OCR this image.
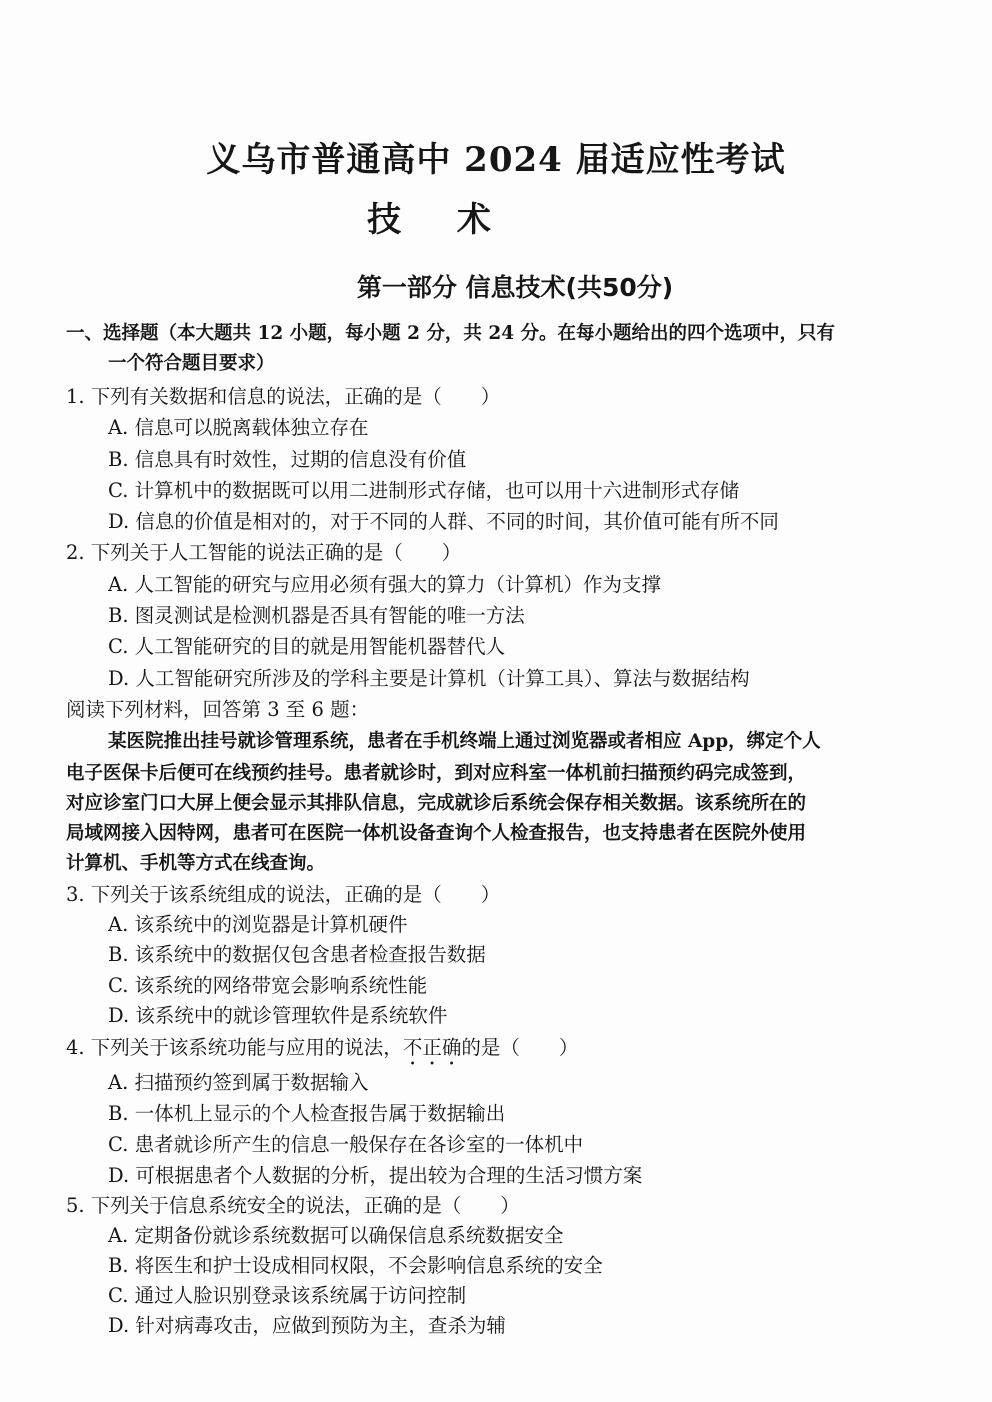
义乌市普通高中 2024 届适应性考试
技 术
第一部分 信息技术(共50分)
一、选择题（本大题共 12 小题，每小题 2 分，共 24 分。在每小题给出的四个选项中，只有
一个符合题目要求）
1. 下列有关数据和信息的说法，正确的是（　　）
A. 信息可以脱离载体独立存在
B. 信息具有时效性，过期的信息没有价值
C. 计算机中的数据既可以用二进制形式存储，也可以用十六进制形式存储
D. 信息的价值是相对的，对于不同的人群、不同的时间，其价值可能有所不同
2. 下列关于人工智能的说法正确的是（　　）
A. 人工智能的研究与应用必须有强大的算力（计算机）作为支撑
B. 图灵测试是检测机器是否具有智能的唯一方法
C. 人工智能研究的目的就是用智能机器替代人
D. 人工智能研究所涉及的学科主要是计算机（计算工具）、算法与数据结构
阅读下列材料，回答第 3 至 6 题：
某医院推出挂号就诊管理系统，患者在手机终端上通过浏览器或者相应 App，绑定个人
电子医保卡后便可在线预约挂号。患者就诊时，到对应科室一体机前扫描预约码完成签到，
对应诊室门口大屏上便会显示其排队信息，完成就诊后系统会保存相关数据。该系统所在的
局域网接入因特网，患者可在医院一体机设备查询个人检查报告，也支持患者在医院外使用
计算机、手机等方式在线查询。
3. 下列关于该系统组成的说法，正确的是（　　）
A. 该系统中的浏览器是计算机硬件
B. 该系统中的数据仅包含患者检查报告数据
C. 该系统的网络带宽会影响系统性能
D. 该系统中的就诊管理软件是系统软件
4. 下列关于该系统功能与应用的说法，不正确的是（　　）
A. 扫描预约签到属于数据输入
B. 一体机上显示的个人检查报告属于数据输出
C. 患者就诊所产生的信息一般保存在各诊室的一体机中
D. 可根据患者个人数据的分析，提出较为合理的生活习惯方案
5. 下列关于信息系统安全的说法，正确的是（　　）
A. 定期备份就诊系统数据可以确保信息系统数据安全
B. 将医生和护士设成相同权限，不会影响信息系统的安全
C. 通过人脸识别登录该系统属于访问控制
D. 针对病毒攻击，应做到预防为主，查杀为辅
